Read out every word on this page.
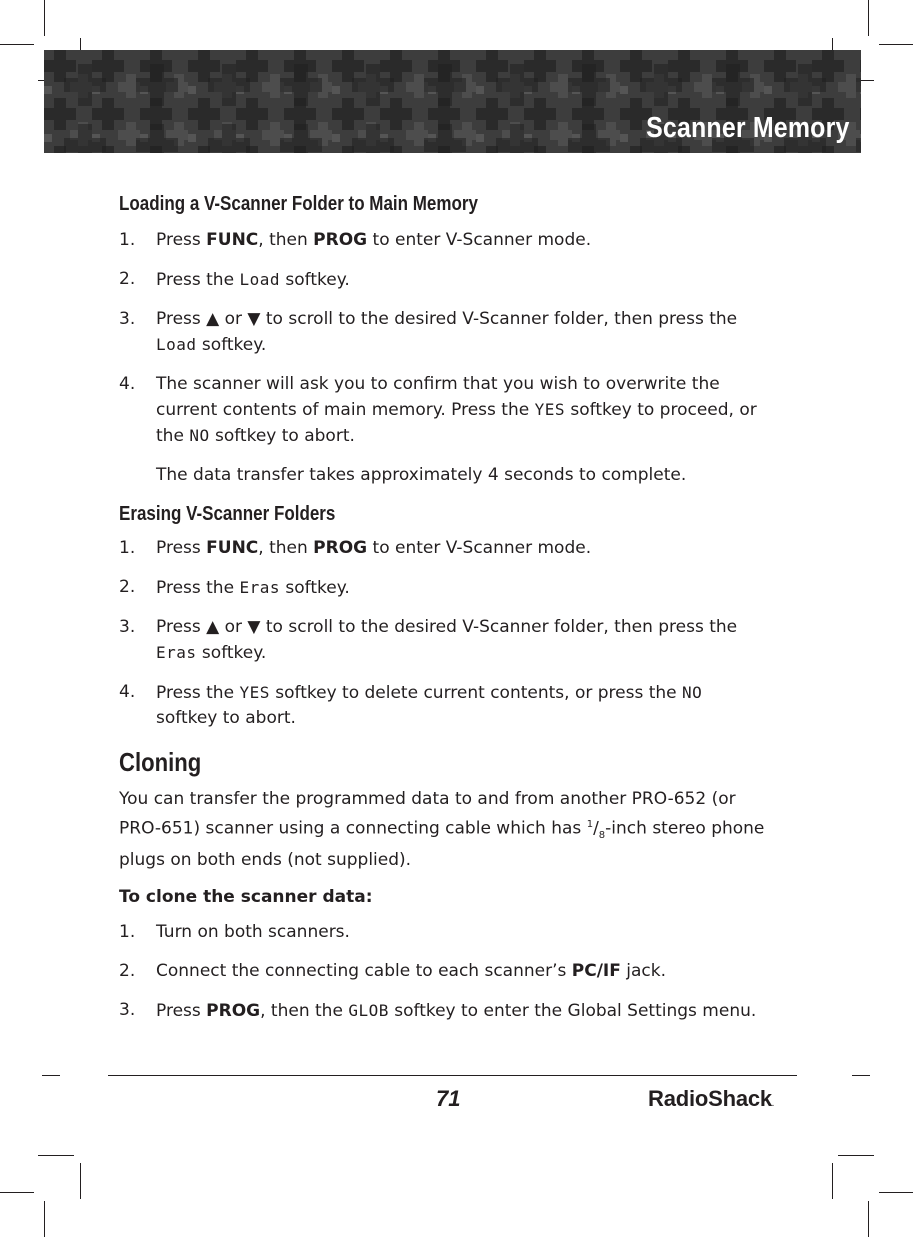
Scanner Memory
Loading a V-Scanner Folder to Main Memory
1. Press FUNC, then PROG to enter V-Scanner mode.
2. Press the Load softkey.
3. Press ▲ or ▼ to scroll to the desired V-Scanner folder, then press the Load softkey.
4. The scanner will ask you to confirm that you wish to overwrite the current contents of main memory. Press the YES softkey to proceed, or the NO softkey to abort.
The data transfer takes approximately 4 seconds to complete.
Erasing V-Scanner Folders
1. Press FUNC, then PROG to enter V-Scanner mode.
2. Press the Eras softkey.
3. Press ▲ or ▼ to scroll to the desired V-Scanner folder, then press the Eras softkey.
4. Press the YES softkey to delete current contents, or press the NO softkey to abort.
Cloning
You can transfer the programmed data to and from another PRO-652 (or PRO-651) scanner using a connecting cable which has $^1/_8$-inch stereo phone plugs on both ends (not supplied).
To clone the scanner data:
1. Turn on both scanners.
2. Connect the connecting cable to each scanner’s PC/IF jack.
3. Press PROG, then the GLOB softkey to enter the Global Settings menu.
71	RadioShack.
